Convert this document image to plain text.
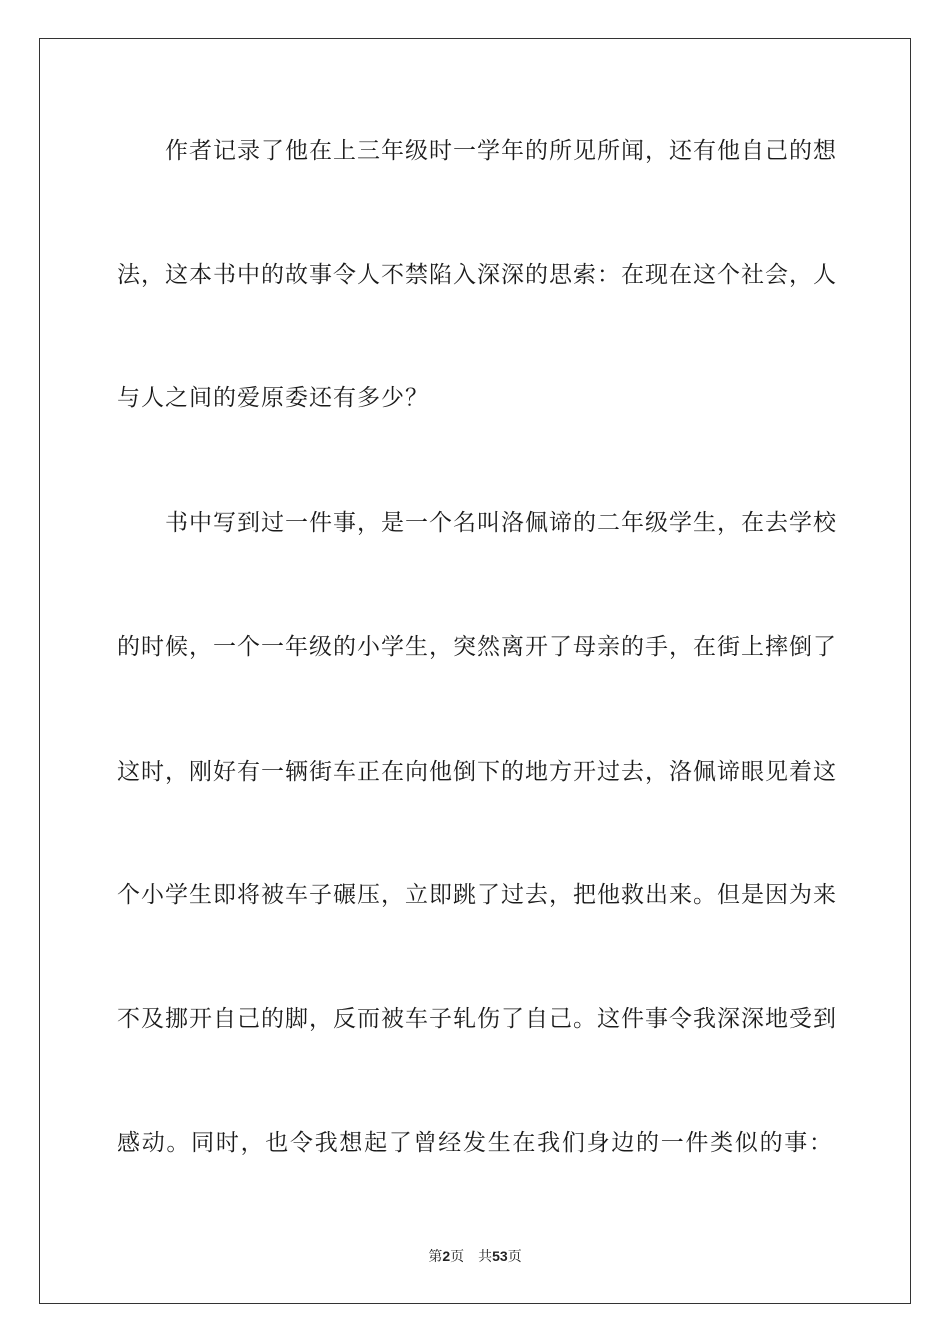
作者记录了他在上三年级时一学年的所见所闻，还有他自己的想
法，这本书中的故事令人不禁陷入深深的思索：在现在这个社会，人
与人之间的爱原委还有多少？
书中写到过一件事，是一个名叫洛佩谛的二年级学生，在去学校
的时候，一个一年级的小学生，突然离开了母亲的手，在街上摔倒了
这时，刚好有一辆街车正在向他倒下的地方开过去，洛佩谛眼见着这
个小学生即将被车子碾压，立即跳了过去，把他救出来。但是因为来
不及挪开自己的脚，反而被车子轧伤了自己。这件事令我深深地受到
感动。同时，也令我想起了曾经发生在我们身边的一件类似的事：
第2页 共53页
